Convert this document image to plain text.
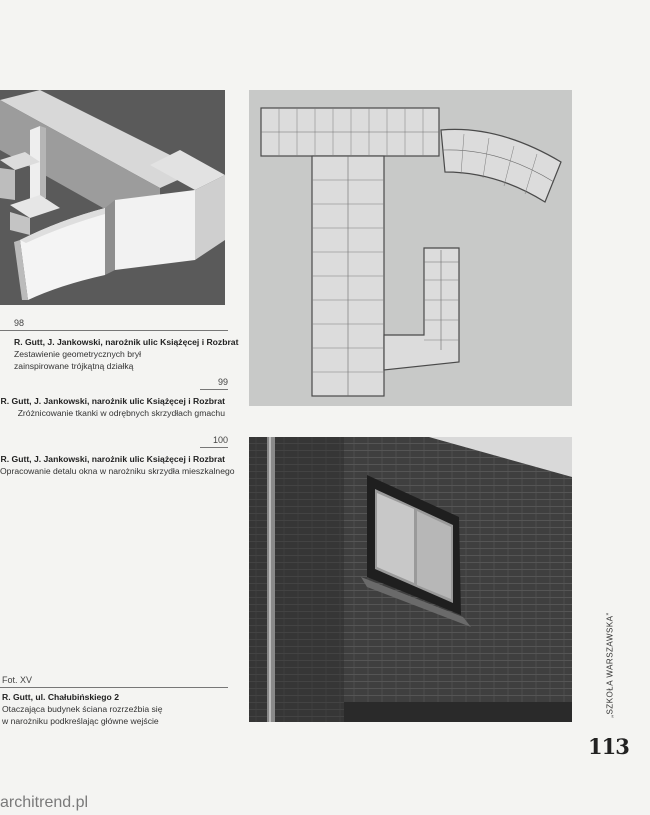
98
R. Gutt, J. Jankowski, narożnik ulic Książęcej i Rozbrat
Zestawienie geometrycznych brył
zainspirowane trójkątną działką
99
R. Gutt, J. Jankowski, narożnik ulic Książęcej i Rozbrat
Zróżnicowanie tkanki w odrębnych skrzydłach gmachu
100
R. Gutt, J. Jankowski, narożnik ulic Książęcej i Rozbrat
Opracowanie detalu okna w narożniku skrzydła mieszkalnego
Fot. XV
R. Gutt, ul. Chałubińskiego 2
Otaczająca budynek ściana rozrzeźbia się
w narożniku podkreślając główne wejście
„SZKOŁA WARSZAWSKA”
113
architrend.pl
